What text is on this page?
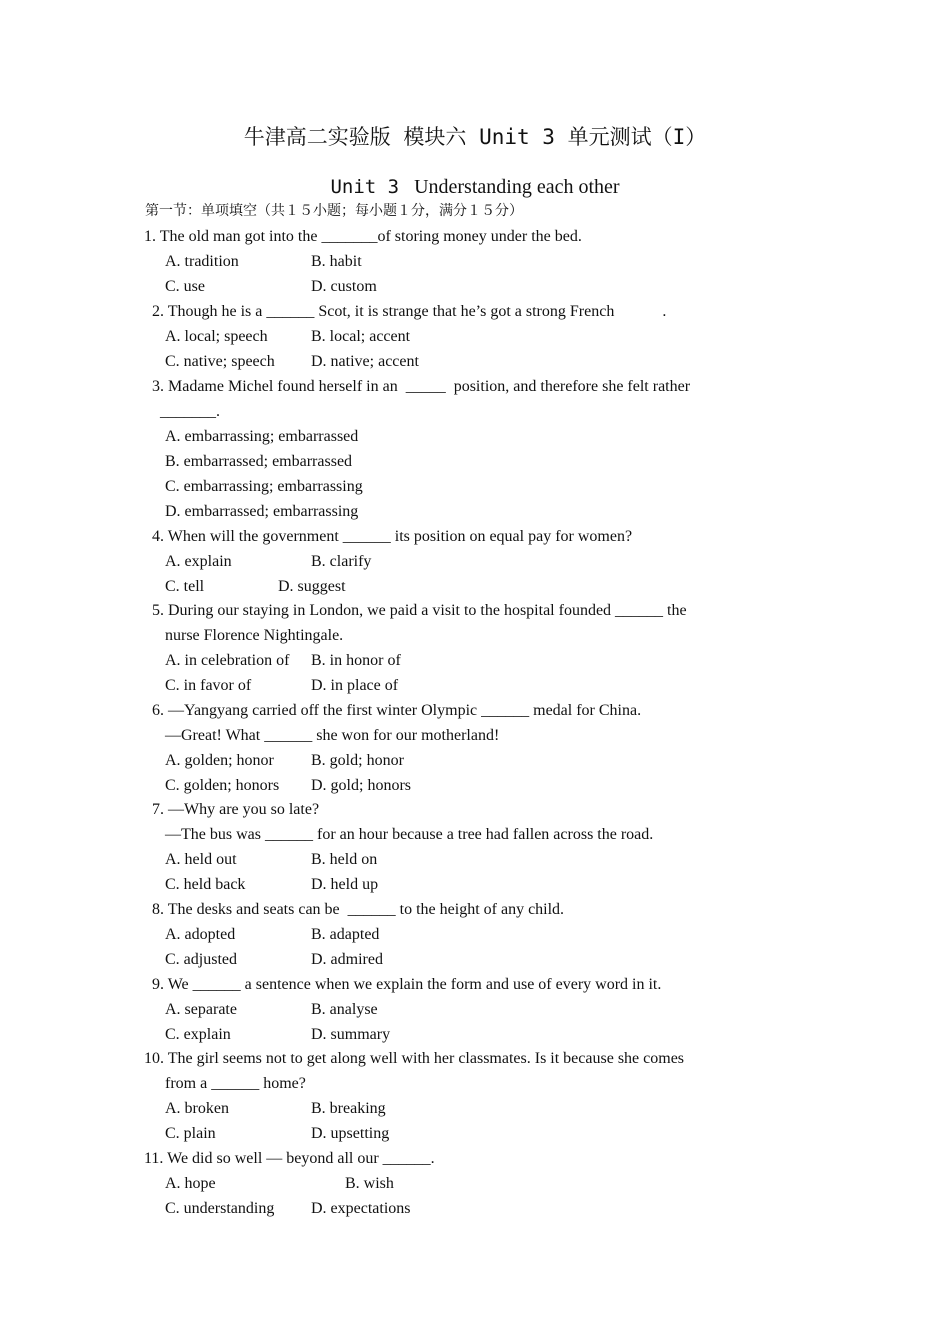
牛津高二实验版 模块六 Unit 3 单元测试（I）
Unit 3 Understanding each other
第一节：单项填空（共１５小题；每小题１分，满分１５分）
1. The old man got into the _______of storing money under the bed.
A. tradition	B. habit
C. use	D. custom
2. Though he is a ______ Scot, it is strange that he’s got a strong French            .
A. local; speech	B. local; accent
C. native; speech D. native; accent
3. Madame Michel found herself in an  _____  position, and therefore she felt rather
_______.
A. embarrassing; embarrassed
B. embarrassed; embarrassed
C. embarrassing; embarrassing
D. embarrassed; embarrassing
4. When will the government ______ its position on equal pay for women?
A. explain	B. clarify
C. tell	D. suggest
5. During our staying in London, we paid a visit to the hospital founded ______ the
nurse Florence Nightingale.
A. in celebration of B. in honor of
C. in favor of	D. in place of
6. —Yangyang carried off the first winter Olympic ______ medal for China.
—Great! What ______ she won for our motherland!
A. golden; honor B. gold; honor
C. golden; honors D. gold; honors
7. —Why are you so late?
—The bus was ______ for an hour because a tree had fallen across the road.
A. held out	B. held on
C. held back	D. held up
8. The desks and seats can be  ______ to the height of any child.
A. adopted	B. adapted
C. adjusted	D. admired
9. We ______ a sentence when we explain the form and use of every word in it.
A. separate	B. analyse
C. explain	D. summary
10. The girl seems not to get along well with her classmates. Is it because she comes
from a ______ home?
A. broken	B. breaking
C. plain	D. upsetting
11. We did so well — beyond all our ______.
A. hope	B. wish
C. understanding D. expectations
